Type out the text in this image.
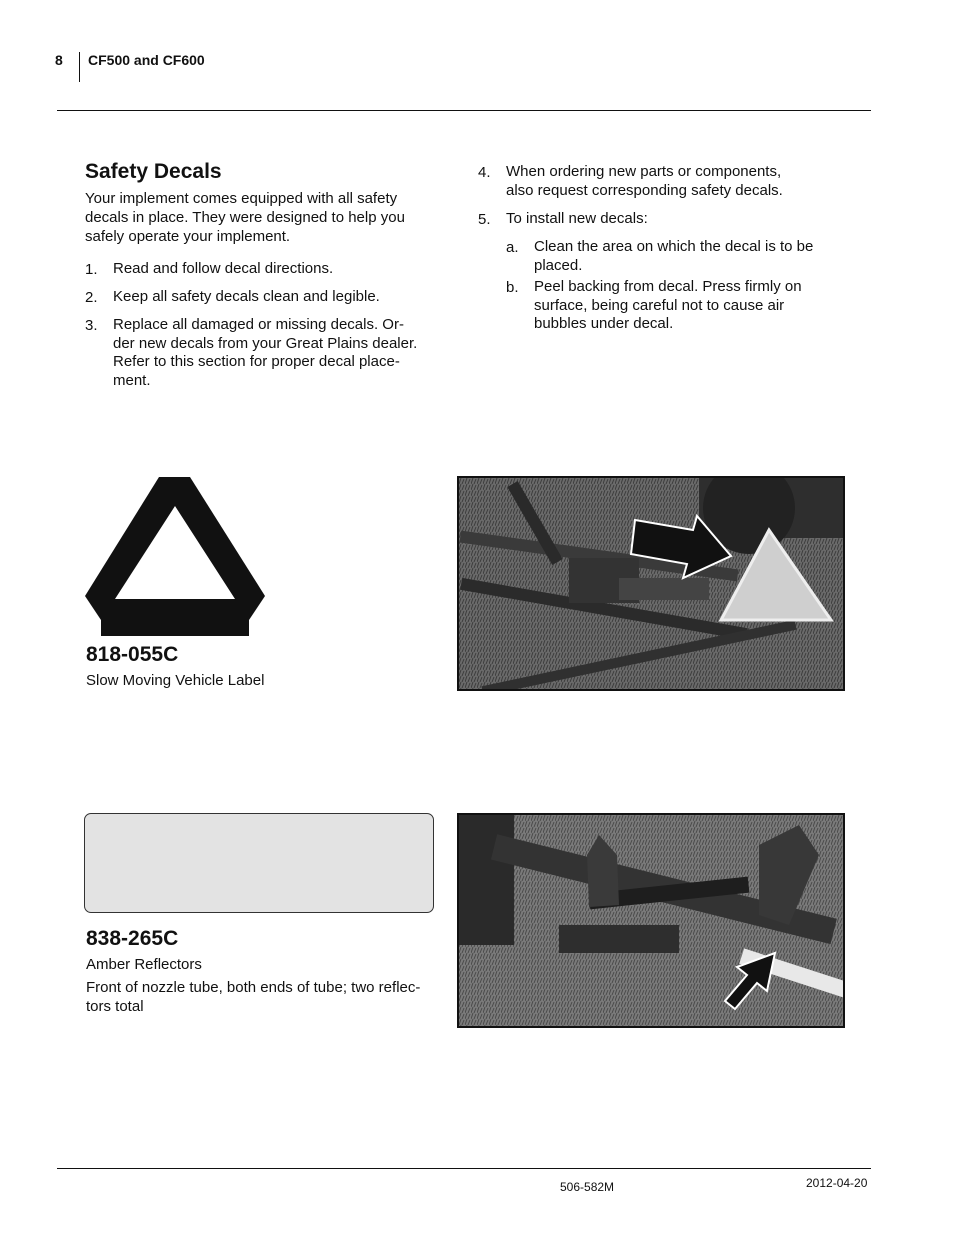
8 CF500 and CF600
Safety Decals
Your implement comes equipped with all safety
decals in place. They were designed to help you
safely operate your implement.
1. Read and follow decal directions.
2. Keep all safety decals clean and legible.
3. Replace all damaged or missing decals. Or-
der new decals from your Great Plains dealer.
Refer to this section for proper decal place-
ment.
4. When ordering new parts or components,
also request corresponding safety decals.
5. To install new decals:
a. Clean the area on which the decal is to be
placed.
b. Peel backing from decal. Press firmly on
surface, being careful not to cause air
bubbles under decal.
818-055C
Slow Moving Vehicle Label
838-265C
Amber Reflectors
Front of nozzle tube, both ends of tube; two reflec-
tors total
506-582M	2012-04-20
